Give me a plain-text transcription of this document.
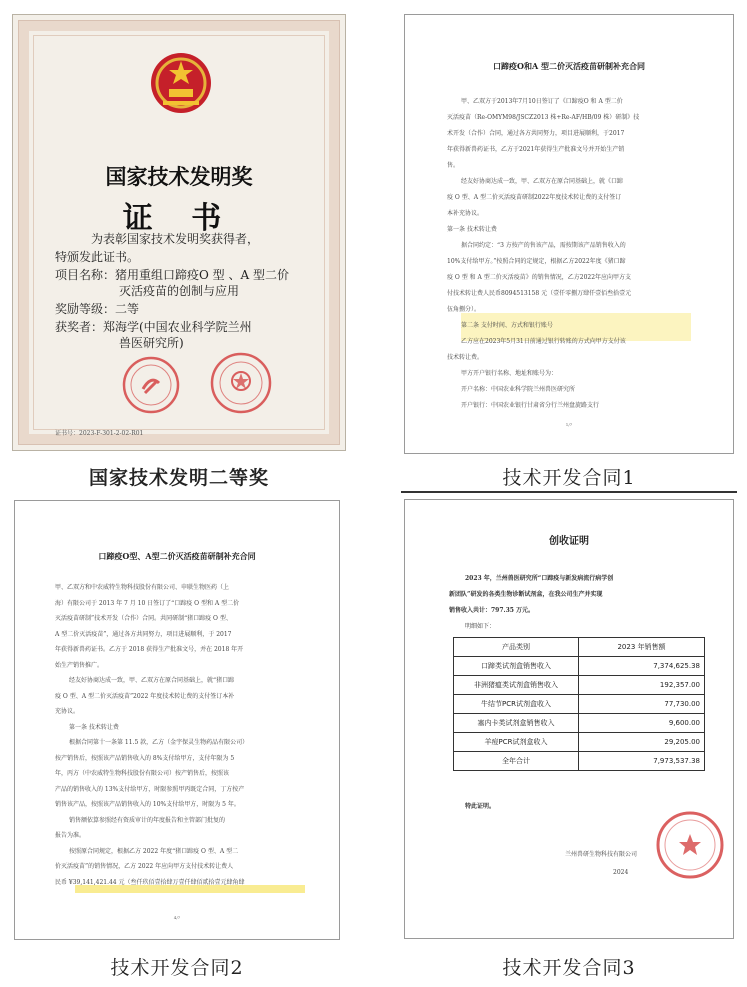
国家技术发明奖
证 书
为表彰国家技术发明奖获得者，
特颁发此证书。
项目名称：猪用重组口蹄疫O 型 、A 型二价
灭活疫苗的创制与应用
奖励等级：二等
获奖者：郑海学(中国农业科学院兰州
兽医研究所)
证书号：2023-F-301-2-02-R01
国家技术发明二等奖
口蹄疫O和A 型二价灭活疫苗研制补充合同
甲、乙双方于2013年7月10日签订了《口蹄疫O 和 A 型二价
灭活疫苗（Re-OMYM98/JSCZ2013 株+Re-AF/HB/09 株）研制》技
术开发（合作）合同，通过各方共同努力，项目进展顺利，于2017
年获得新兽药证书，乙方于2021年获得生产批准文号并开始生产销
售。
经友好协商达成一致，甲、乙双方在原合同基础上，就《口蹄
疫 O 型、A 型二价灭活疫苗研制2022年度技术转让费的支付签订
本补充协议。
第一条 技术转让费
据合同约定：“3 方按产的售该产品，需按期该产品销售收入的
10%支付给甲方。”按照合同的定规定，根据乙方2022年度《猪口蹄
疫 O 型 和 A 型二价灭活疫苗》的销售情况，乙方2022年应向甲方支
付技术转让费人民币8094513158 元（壹仟零捌万肆仟壹佰叁拾壹元
伍角捌分）。
第二条 支付时间、方式和银行账号
乙方应在2023年5月31日前通过银行转账的方式向甲方支付该
技术转让费。
甲方开户银行名称、地址和账号为：
开户名称：中国农业科学院兰州兽医研究所
开户银行：中国农业银行甘肃省分行兰州盘旋路支行
1/7
技术开发合同1
口蹄疫O型、A型二价灭活疫苗研制补充合同
甲、乙双方和中农威特生物科技股份有限公司、申联生物医药（上
海）有限公司于 2013 年 7 月 10 日签订了“口蹄疫 O 型和 A 型二价
灭活疫苗研制”技术开发（合作）合同。共同研制“猪口蹄疫 O 型、
A 型二价灭活疫苗”，通过各方共同努力，项目进展顺利，于 2017
年获得新兽药证书。乙方于 2018 获得生产批准文号，并在 2018 年开
始生产销售推广。
经友好协商达成一致，甲、乙双方在原合同基础上，就“猪口蹄
疫 O 型、A 型二价灭活疫苗”2022 年度技术转让费的支付签订本补
充协议。
第一条 技术转让费
根据合同第十一条第 11.5 款，乙方（金宇保灵生物药品有限公司）
按产销售后，按照该产品销售收入的 8%支付给甲方，支付年限为 5
年，丙方（中农威特生物科技股份有限公司）按产销售后，按照该
产品的销售收入的 13%支付给甲方，时限参照甲丙既定合同，丁方按产
销售该产品，按照该产品销售收入的 10%支付给甲方，时限为 5 年。
销售额依算参照经有资质审计的年度报告和主管部门批复的
报告为准。
按照原合同规定，根据乙方 2022 年度“猪口蹄疫 O 型、A 型二
价灭活疫苗”的销售情况，乙方 2022 年应向甲方支付技术转让费人
民币 ¥39,141,421.44 元（叁仟玖佰壹拾肆万壹仟肆佰贰拾壹元肆角肆
4/7
技术开发合同2
创收证明
2023 年，兰州兽医研究所“口蹄疫与新发病流行病学创
新团队”研发的各类生物诊断试剂盒，在我公司生产并实现
销售收入共计：797.35 万元。
明细如下：
产品类别	2023 年销售额
口蹄类试剂盒销售收入	7,374,625.38
非洲猪瘟类试剂盒销售收入	192,357.00
牛结节PCR试剂盒收入	77,730.00
塞内卡类试剂盒销售收入	9,600.00
羊痘PCR试剂盒收入	29,205.00
全年合计	7,973,537.38
特此证明。
兰州兽研生物科技有限公司
2024
技术开发合同3
